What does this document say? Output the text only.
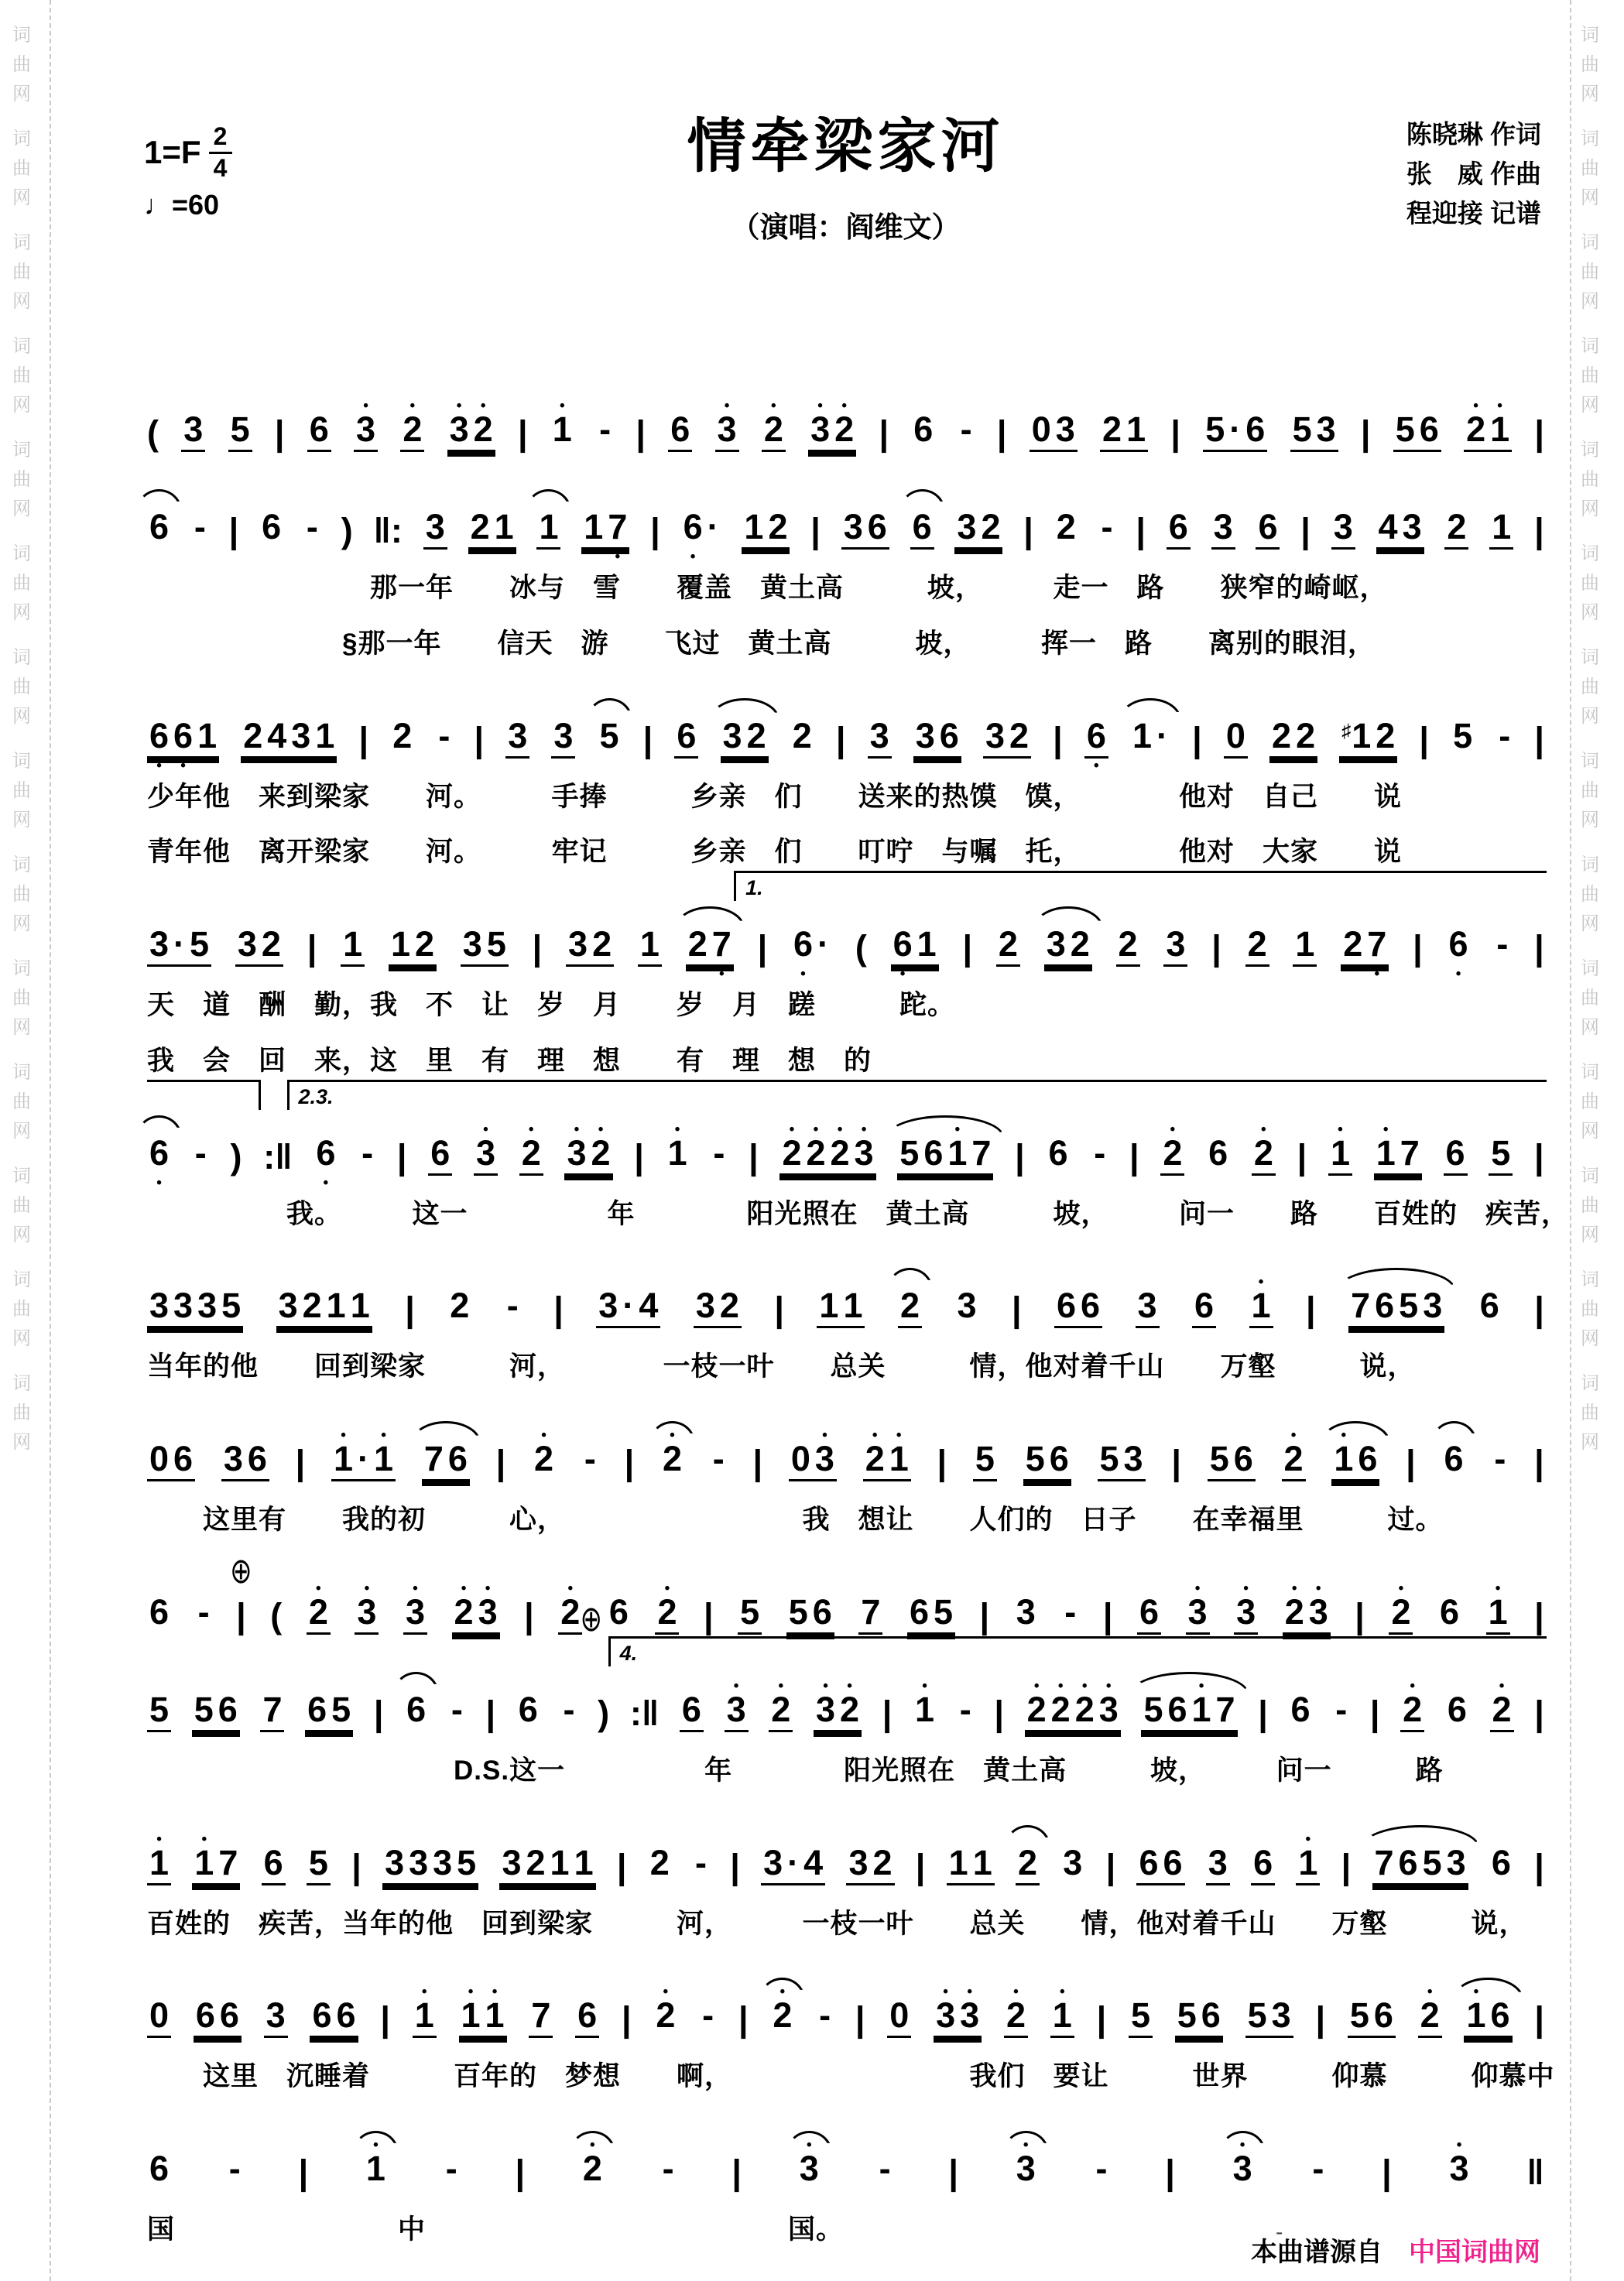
词
曲
网
词
曲
网
词
曲
网
词
曲
网
词
曲
网
词
曲
网
词
曲
网
词
曲
网
词
曲
网
词
曲
网
词
曲
网
词
曲
网
词
曲
网
词
曲
网
词
曲
网
词
曲
网
词
曲
网
词
曲
网
词
曲
网
词
曲
网
词
曲
网
词
曲
网
词
曲
网
词
曲
网
词
曲
网
词
曲
网
词
曲
网
词
曲
网
情牵梁家河
（演唱：阎维文）
1=F 2
4
♩=60
陈晓琳 作词
张　威 作曲
程迎接 记谱
( 3 5 | 6 • 3 • 2 • 3 • 2 | • 1 - | 6 • 3 • 2 • 3 • 2 | 6 - | 0 3 2 1 | 5 · 6 5 3 | 5 6 • 2 • 1 |
6 - | 6 - ) ‖: 3 2 1 1 1 7 • | 6 • · 1 2 | 3 6 6 3 2 | 2 - | 6 3 6 | 3 4 3 2 1 |
　　　　　　　　那一年　　冰与　雪　　覆盖　黄土高　　　坡，　　　走一　路　　狭窄的崎岖，
　　　　　　　§那一年　　信天　游　　飞过　黄土高　　　坡，　　　挥一　路　　离别的眼泪，
6 • 6 • 1 2 4 3 1 | 2 - | 3 3 5 | 6 3 2 2 | 3 3 6 3 2 | 6 • 1 · | 0 2 2 ♯1 2 | 5 - |
少年他　来到梁家　　河。　　　手捧　　　乡亲　们　　送来的热馍　馍，　　　　他对　自己　　说
青年他　离开梁家　　河。　　　牢记　　　乡亲　们　　叮咛　与嘱　托，　　　　他对　大家　　说
1.
3 · 5 3 2 | 1 1 2 3 5 | 3 2 1 2 7 • | 6 • · ( 6 • 1 | 2 3 2 2 3 | 2 1 2 7 • | 6 • - |
天　道　酬　勤，我　不　让　岁　月　　岁　月　蹉　　　跎。
我　会　回　来，这　里　有　理　想　　有　理　想　的
2.3.
6 • - ) :‖ 6 • - | 6 • 3 • 2 • 3 • 2 | • 1 - | • 2 • 2 • 2 • 3 5 6 • 1 7 | 6 - | • 2 6 • 2 | • 1 • 1 7 6 5 |
　　　　　我。　　　这一　　　　　年　　　　阳光照在　黄土高　　　坡，　　　问一　　路　　百姓的　疾苦，
3 3 3 5 3 2 1 1 | 2 - | 3 · 4 3 2 | 1 1 2 3 | 6 6 3 6 • 1 | 7 6 5 3 6 |
当年的他　　回到梁家　　　河，　　　　一枝一叶　　总关　　　情，他对着千山　　万壑　　　说，
0 6 3 6 | • 1 · • 1 7 6 | • 2 - | • 2 - | 0 • 3 • 2 • 1 | 5 5 6 5 3 | 5 6 • 2 • 1 6 | 6 - |
　　这里有　　我的初　　　心，　　　　　　　　　我　想让　　人们的　日子　　在幸福里　　　过。
6 - ⊕ | ( • 2 • 3 • 3 • 2 • 3 | • 2 6 • 2 | 5 5 6 7 6 5 | 3 - | 6 • 3 • 3 • 2 • 3 | • 2 6 • 1 |
4.
⊕
5 5 6 7 6 5 | 6 - | 6 - ) :‖ 6 • 3 • 2 • 3 • 2 | • 1 - | • 2 • 2 • 2 • 3 5 6 • 1 7 | 6 - | • 2 6 • 2 |
　　　　　　　　　　　D.S.这一　　　　　年　　　　阳光照在　黄土高　　　坡，　　　问一　　　路
• 1 • 1 7 6 5 | 3 3 3 5 3 2 1 1 | 2 - | 3 · 4 3 2 | 1 1 2 3 | 6 6 3 6 • 1 | 7 6 5 3 6 |
百姓的　疾苦，当年的他　回到梁家　　　河，　　　一枝一叶　　总关　　情，他对着千山　　万壑　　　说，
0 6 6 3 6 6 | • 1 • 1 • 1 7 6 | • 2 - | • 2 - | 0 • 3 • 3 • 2 • 1 | 5 5 6 5 3 | 5 6 • 2 • 1 6 |
　　这里　沉睡着　　　百年的　梦想　　啊，　　　　　　　　　我们　要让　　　世界　　　仰慕　　　仰慕中
6 - | • 1 - | • 2 - | • 3 - | • 3 - | • 3 - | • 3 ‖
国　　　　　　　　中　　　　　　　　　　　　　国。	-
本曲谱源自 中国词曲网
